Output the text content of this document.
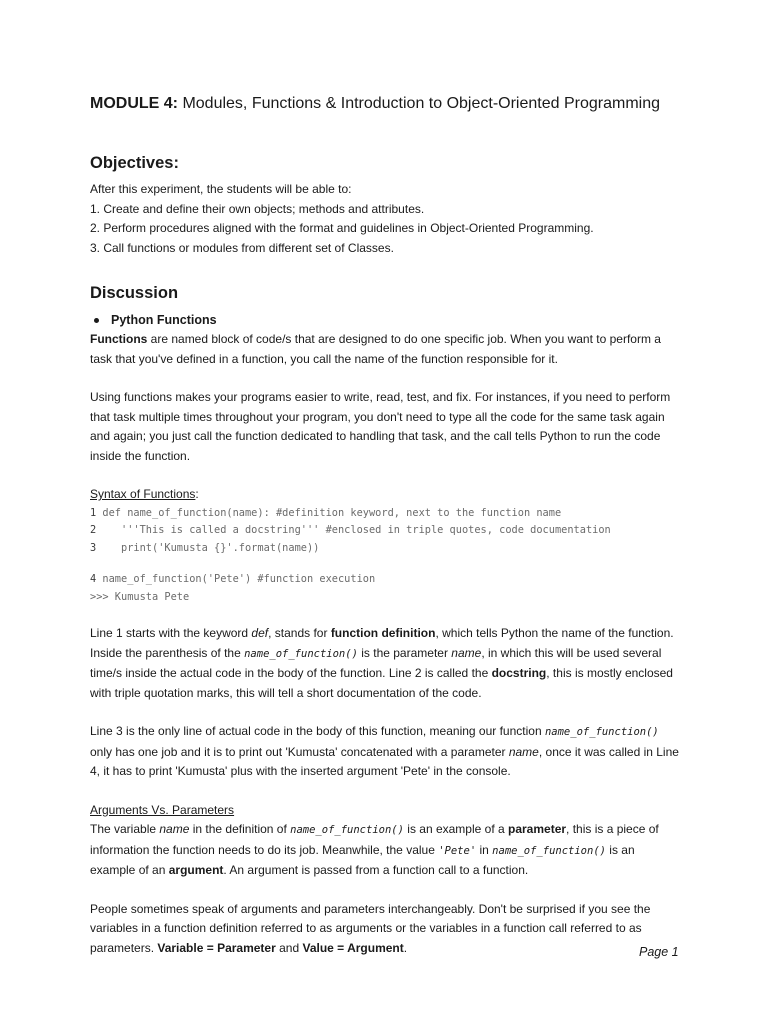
MODULE 4: Modules, Functions & Introduction to Object-Oriented Programming
Objectives:

After this experiment, the students will be able to:

1. Create and define their own objects; methods and attributes.

2. Perform procedures aligned with the format and guidelines in Object-Oriented Programming.

3. Call functions or modules from different set of Classes.

Discussion
Python Functions

Functions are named block of code/s that are designed to do one specific job. When you want to perform a task that you've defined in a function, you call the name of the function responsible for it.

Using functions makes your programs easier to write, read, test, and fix. For instances, if you need to perform that task multiple times throughout your program, you don't need to type all the code for the same task again and again; you just call the function dedicated to handling that task, and the call tells Python to run the code inside the function.

Syntax of Functions:

1 def name_of_function(name): #definition keyword, next to the function name
2    '''This is called a docstring''' #enclosed in triple quotes, code documentation
3    print('Kumusta {}'.format(name))
4 name_of_function('Pete') #function execution
>>> Kumusta Pete

Line 1 starts with the keyword def, stands for function definition, which tells Python the name of the function. Inside the parenthesis of the name_of_function() is the parameter name, in which this will be used several time/s inside the actual code in the body of the function. Line 2 is called the docstring, this is mostly enclosed with triple quotation marks, this will tell a short documentation of the code.

Line 3 is the only line of actual code in the body of this function, meaning our function name_of_function() only has one job and it is to print out 'Kumusta' concatenated with a parameter name, once it was called in Line 4, it has to print 'Kumusta' plus with the inserted argument 'Pete' in the console.

Arguments Vs. Parameters

The variable name in the definition of name_of_function() is an example of a parameter, this is a piece of information the function needs to do its job. Meanwhile, the value 'Pete' in name_of_function() is an example of an argument. An argument is passed from a function call to a function.

People sometimes speak of arguments and parameters interchangeably. Don't be surprised if you see the variables in a function definition referred to as arguments or the variables in a function call referred to as parameters. Variable = Parameter and Value = Argument.	Page 1
